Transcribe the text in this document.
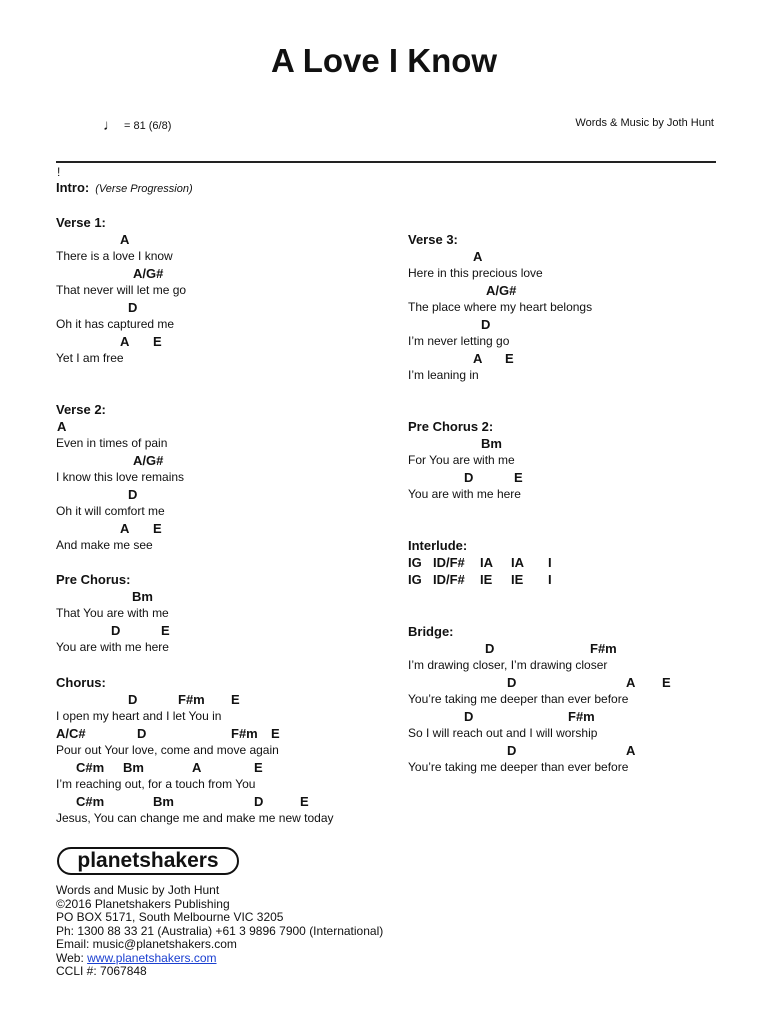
A Love I Know
♩ = 81 (6/8)	Words & Music by Joth Hunt
!
Intro: (Verse Progression)
Verse 1:
A
There is a love I know
A/G#
That never will let me go
D
Oh it has captured me
A E
Yet I am free
Verse 2:
A
Even in times of pain
A/G#
I know this love remains
D
Oh it will comfort me
A E
And make me see
Pre Chorus:
Bm
That You are with me
D	E
You are with me here
Chorus:
D	F#m E
I open my heart and I let You in
A/C#	D	F#m E
Pour out Your love, come and move again
C#m Bm	A	E
I’m reaching out, for a touch from You
C#m	Bm	D	E
Jesus, You can change me and make me new today
Verse 3:
A
Here in this precious love
A/G#
The place where my heart belongs
D
I’m never letting go
A E
I’m leaning in
Pre Chorus 2:
Bm
For You are with me
D	E
You are with me here
Interlude:
IG ID/F# IA IA I
IG ID/F# IE IE I
Bridge:
D	F#m
I’m drawing closer, I’m drawing closer
D	A E
You’re taking me deeper than ever before
D	F#m
So I will reach out and I will worship
D	A
You’re taking me deeper than ever before
planetshakers
Words and Music by Joth Hunt
©2016 Planetshakers Publishing
PO BOX 5171, South Melbourne VIC 3205
Ph: 1300 88 33 21 (Australia) +61 3 9896 7900 (International)
Email: music@planetshakers.com
Web: www.planetshakers.com
CCLI #: 7067848
